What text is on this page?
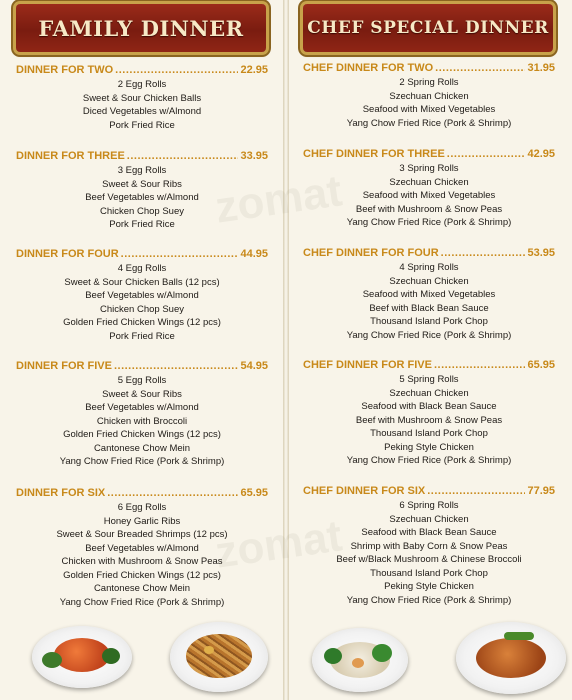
zomat
zomat
FAMILY DINNER	CHEF SPECIAL DINNER
DINNER FOR TWO .....	22.95
2 Egg Rolls
Sweet & Sour Chicken Balls
Diced Vegetables w/Almond
Pork Fried Rice
DINNER FOR THREE .....	33.95
3 Egg Rolls
Sweet & Sour Ribs
Beef Vegetables w/Almond
Chicken Chop Suey
Pork Fried Rice
DINNER FOR FOUR .....	44.95
4 Egg Rolls
Sweet & Sour Chicken Balls (12 pcs)
Beef Vegetables w/Almond
Chicken Chop Suey
Golden Fried Chicken Wings (12 pcs)
Pork Fried Rice
DINNER FOR FIVE .....	54.95
5 Egg Rolls
Sweet & Sour Ribs
Beef Vegetables w/Almond
Chicken with Broccoli
Golden Fried Chicken Wings (12 pcs)
Cantonese Chow Mein
Yang Chow Fried Rice (Pork & Shrimp)
DINNER FOR SIX .....	65.95
6 Egg Rolls
Honey Garlic Ribs
Sweet & Sour Breaded Shrimps (12 pcs)
Beef Vegetables w/Almond
Chicken with Mushroom & Snow Peas
Golden Fried Chicken Wings (12 pcs)
Cantonese Chow Mein
Yang Chow Fried Rice (Pork & Shrimp)
CHEF DINNER FOR TWO .....	31.95
2 Spring Rolls
Szechuan Chicken
Seafood with Mixed Vegetables
Yang Chow Fried Rice (Pork & Shrimp)
CHEF DINNER FOR THREE .....	42.95
3 Spring Rolls
Szechuan Chicken
Seafood with Mixed Vegetables
Beef with Mushroom & Snow Peas
Yang Chow Fried Rice (Pork & Shrimp)
CHEF DINNER FOR FOUR .....	53.95
4 Spring Rolls
Szechuan Chicken
Seafood with Mixed Vegetables
Beef with Black Bean Sauce
Thousand Island Pork Chop
Yang Chow Fried Rice (Pork & Shrimp)
CHEF DINNER FOR FIVE .....	65.95
5 Spring Rolls
Szechuan Chicken
Seafood with Black Bean Sauce
Beef with Mushroom & Snow Peas
Thousand Island Pork Chop
Peking Style Chicken
Yang Chow Fried Rice (Pork & Shrimp)
CHEF DINNER FOR SIX .....	77.95
6 Spring Rolls
Szechuan Chicken
Seafood with Black Bean Sauce
Shrimp with Baby Corn & Snow Peas
Beef w/Black Mushroom & Chinese Broccoli
Thousand Island Pork Chop
Peking Style Chicken
Yang Chow Fried Rice (Pork & Shrimp)
